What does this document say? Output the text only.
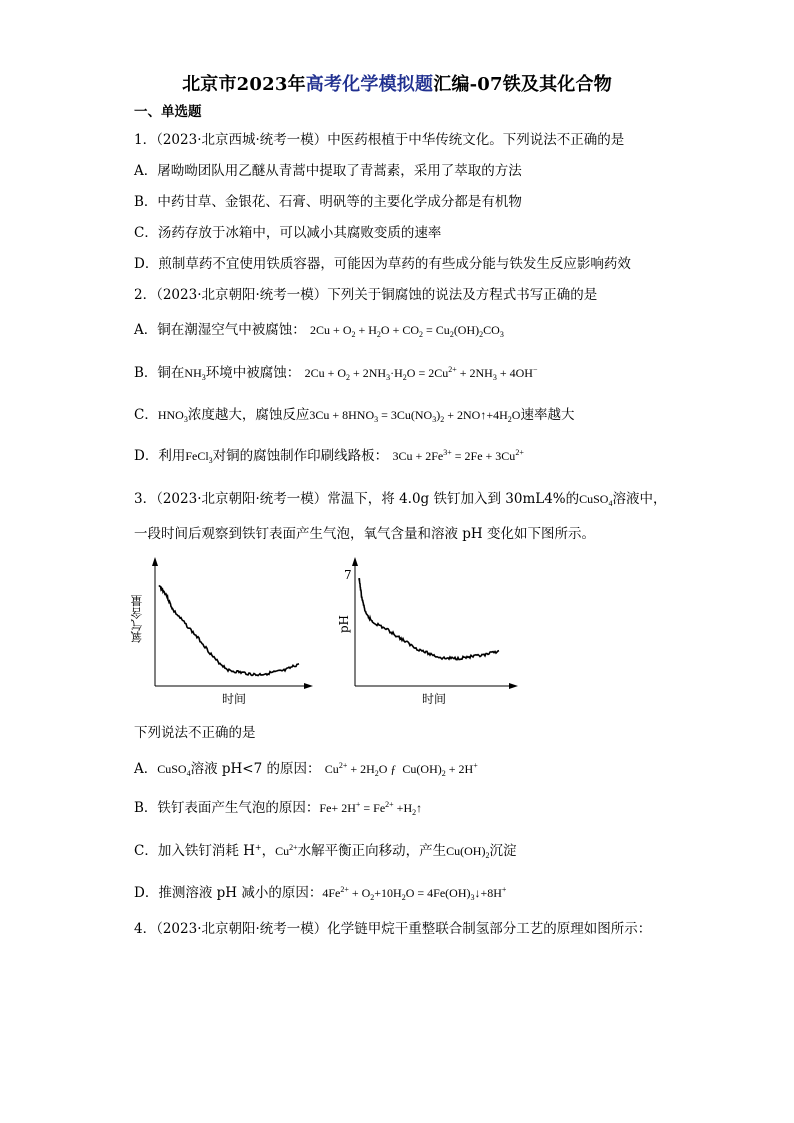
北京市2023年高考化学模拟题汇编-07铁及其化合物
一、单选题
1．（2023·北京西城·统考一模）中医药根植于中华传统文化。下列说法不正确的是
A．屠呦呦团队用乙醚从青蒿中提取了青蒿素，采用了萃取的方法
B．中药甘草、金银花、石膏、明矾等的主要化学成分都是有机物
C．汤药存放于冰箱中，可以减小其腐败变质的速率
D．煎制草药不宜使用铁质容器，可能因为草药的有些成分能与铁发生反应影响药效
2．（2023·北京朝阳·统考一模）下列关于铜腐蚀的说法及方程式书写正确的是
A．铜在潮湿空气中被腐蚀： $2Cu + O_2 + H_2O + CO_2 = Cu_2(OH)_2CO_3$
B．铜在$NH_3$环境中被腐蚀： $2Cu + O_2 + 2NH_3\cdot H_2O = 2Cu^{2+} + 2NH_3 + 4OH^-$
C．$HNO_3$浓度越大，腐蚀反应$3Cu + 8HNO_3 = 3Cu(NO_3)_2$ + $2NO↑+4H_2O$速率越大
D．利用FeCl$_3$对铜的腐蚀制作印刷线路板： $3Cu + 2Fe^{3+} = 2Fe + 3Cu^{2+}$
3．（2023·北京朝阳·统考一模）常温下，将 4.0g 铁钉加入到 30mL4%的CuSO$_4$溶液中，
一段时间后观察到铁钉表面产生气泡，氧气含量和溶液 pH 变化如下图所示。
氧气含量
时间
pH
7
时间
下列说法不正确的是
A．CuSO$_4$溶液 pH<7 的原因： $Cu^{2+} + 2H_2O$ ƒ  $Cu(OH)_2 + 2H^+$
B．铁钉表面产生气泡的原因：$Fe+ 2H^+ = Fe^{2+}$ $+H_2↑$
C．加入铁钉消耗 H+，$Cu^{2+}$水解平衡正向移动，产生$Cu(OH)_2$沉淀
D．推测溶液 pH 减小的原因：$4Fe^{2+} + O_2+10H_2O$ = $4Fe(OH)_3↓+8H^+$
4．（2023·北京朝阳·统考一模）化学链甲烷干重整联合制氢部分工艺的原理如图所示：
